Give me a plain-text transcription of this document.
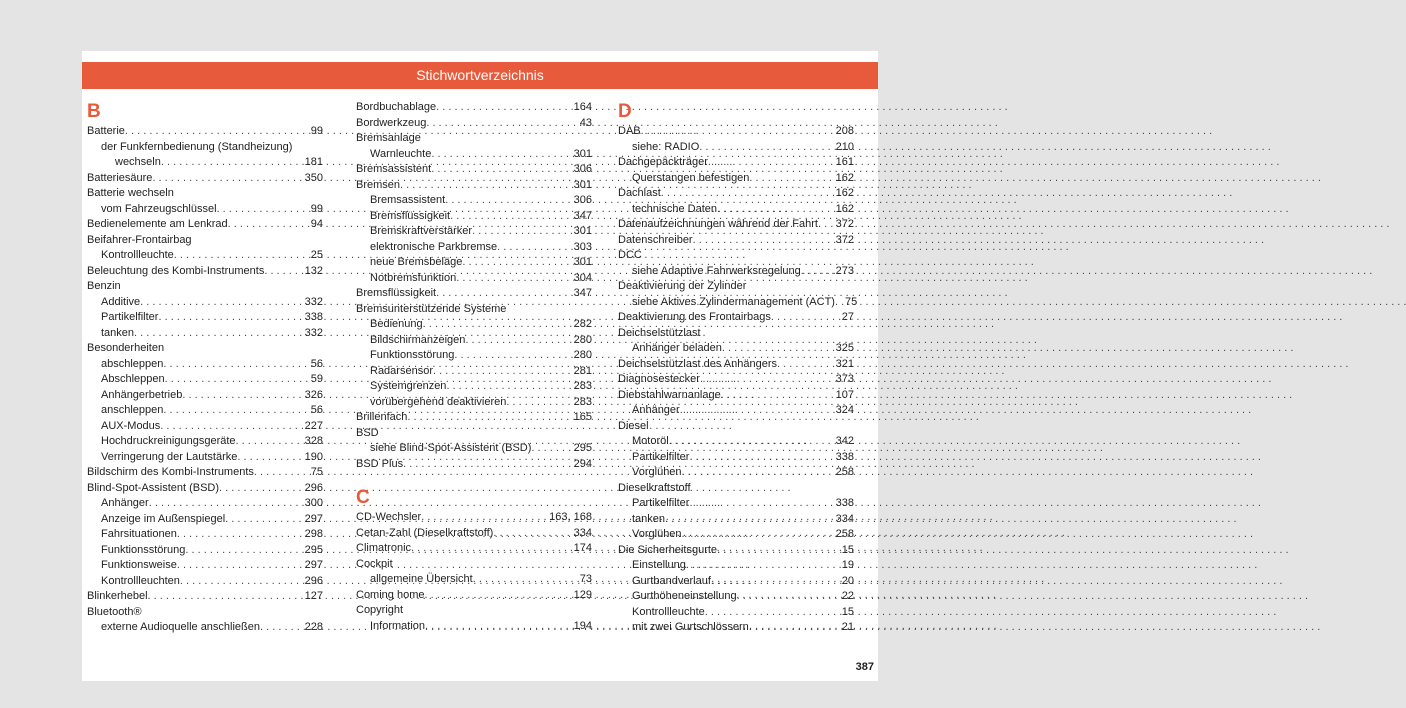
Stichwortverzeichnis
B
Batterie . . .	99
der Funkfernbedienung (Standheizung)
wechseln . . .	181
Batteriesäure . . .	350
Batterie wechseln
vom Fahrzeugschlüssel . . .	99
Bedienelemente am Lenkrad . . .	94
Beifahrer-Frontairbag
Kontrollleuchte . . .	25
Beleuchtung des Kombi-Instruments . . .	132
Benzin
Additive . . .	332
Partikelfilter . . .	338
tanken . . .	332
Besonderheiten
abschleppen . . .	56
Abschleppen . . .	59
Anhängerbetrieb . . .	326
anschleppen . . .	56
AUX-Modus . . .	227
Hochdruckreinigungsgeräte . . .	328
Verringerung der Lautstärke . . .	190
Bildschirm des Kombi-Instruments . . .	75
Blind-Spot-Assistent (BSD) . . .	296
Anhänger . . .	300
Anzeige im Außenspiegel . . .	297
Fahrsituationen . . .	298
Funktionsstörung . . .	295
Funktionsweise . . .	297
Kontrollleuchten . . .	296
Blinkerhebel . . .	127
Bluetooth®
externe Audioquelle anschließen . . .	228
Bordbuchablage . . .	164
Bordwerkzeug . . .	43
Bremsanlage
Warnleuchte . . .	301
Bremsassistent . . .	306
Bremsen . . .	301
Bremsassistent . . .	306
Bremsflüssigkeit . . .	347
Bremskraftverstärker . . .	301
elektronische Parkbremse . . .	303
neue Bremsbeläge . . .	301
Notbremsfunktion . . .	304
Bremsflüssigkeit . . .	347
Bremsunterstützende Systeme
Bedienung . . .	282
Bildschirmanzeigen . . .	280
Funktionsstörung . . .	280
Radarsensor . . .	281
Systemgrenzen . . .	283
vorübergehend deaktivieren . . .	283
Brillenfach . . .	165
BSD
siehe Blind-Spot-Assistent (BSD) . . .	295
BSD Plus . . .	294
C
CD-Wechsler . . .	163, 168
Cetan-Zahl (Dieselkraftstoff) . . .	334
Climatronic . . .	174
Cockpit
allgemeine Übersicht . . .	73
Coming home . . .	129
Copyright
Information . . .	194
D
DAB . . .	208
siehe: RADIO . . .	210
Dachgepäckträger . . .	161
Querstangen befestigen . . .	162
Dachlast . . .	162
technische Daten . . .	162
Datenaufzeichnungen während der Fahrt . . .	372
Datenschreiber . . .	372
DCC
siehe Adaptive Fahrwerksregelung . . .	273
Deaktivierung der Zylinder
siehe Aktives Zylindermanagement (ACT) . . . 75
Deaktivierung des Frontairbags . . .	27
Deichselstützlast
Anhänger beladen . . .	325
Deichselstützlast des Anhängers . . .	321
Diagnosestecker . . .	373
Diebstahlwarnanlage . . .	107
Anhänger . . .	324
Diesel
Motoröl . . .	342
Partikelfilter . . .	338
Vorglühen . . .	258
Dieselkraftstoff
Partikelfilter . . .	338
tanken . . .	334
Vorglühen . . .	258
Die Sicherheitsgurte . . .	15
Einstellung . . .	19
Gurtbandverlauf . . .	20
Gurthöheneinstellung . . .	22
Kontrollleuchte . . .	15
mit zwei Gurtschlössern . . .	21
387
